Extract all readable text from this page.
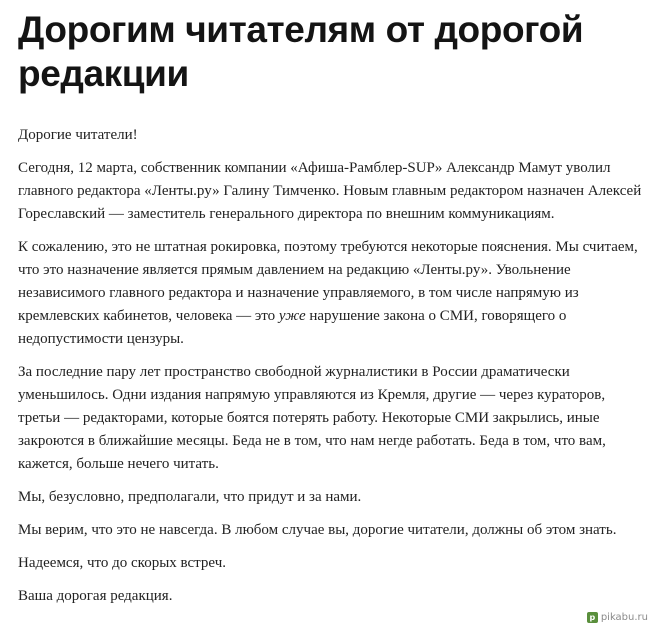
Дорогим читателям от дорогой редакции

Дорогие читатели!

Сегодня, 12 марта, собственник компании «Афиша-Рамблер-SUP» Александр Мамут уволил главного редактора «Ленты.ру» Галину Тимченко. Новым главным редактором назначен Алексей Гореславский — заместитель генерального директора по внешним коммуникациям.

К сожалению, это не штатная рокировка, поэтому требуются некоторые пояснения. Мы считаем, что это назначение является прямым давлением на редакцию «Ленты.ру». Увольнение независимого главного редактора и назначение управляемого, в том числе напрямую из кремлевских кабинетов, человека — это уже нарушение закона о СМИ, говорящего о недопустимости цензуры.

За последние пару лет пространство свободной журналистики в России драматически уменьшилось. Одни издания напрямую управляются из Кремля, другие — через кураторов, третьи — редакторами, которые боятся потерять работу. Некоторые СМИ закрылись, иные закроются в ближайшие месяцы. Беда не в том, что нам негде работать. Беда в том, что вам, кажется, больше нечего читать.

Мы, безусловно, предполагали, что придут и за нами.

Мы верим, что это не навсегда. В любом случае вы, дорогие читатели, должны об этом знать.

Надеемся, что до скорых встреч.

Ваша дорогая редакция.

p pikabu.ru
